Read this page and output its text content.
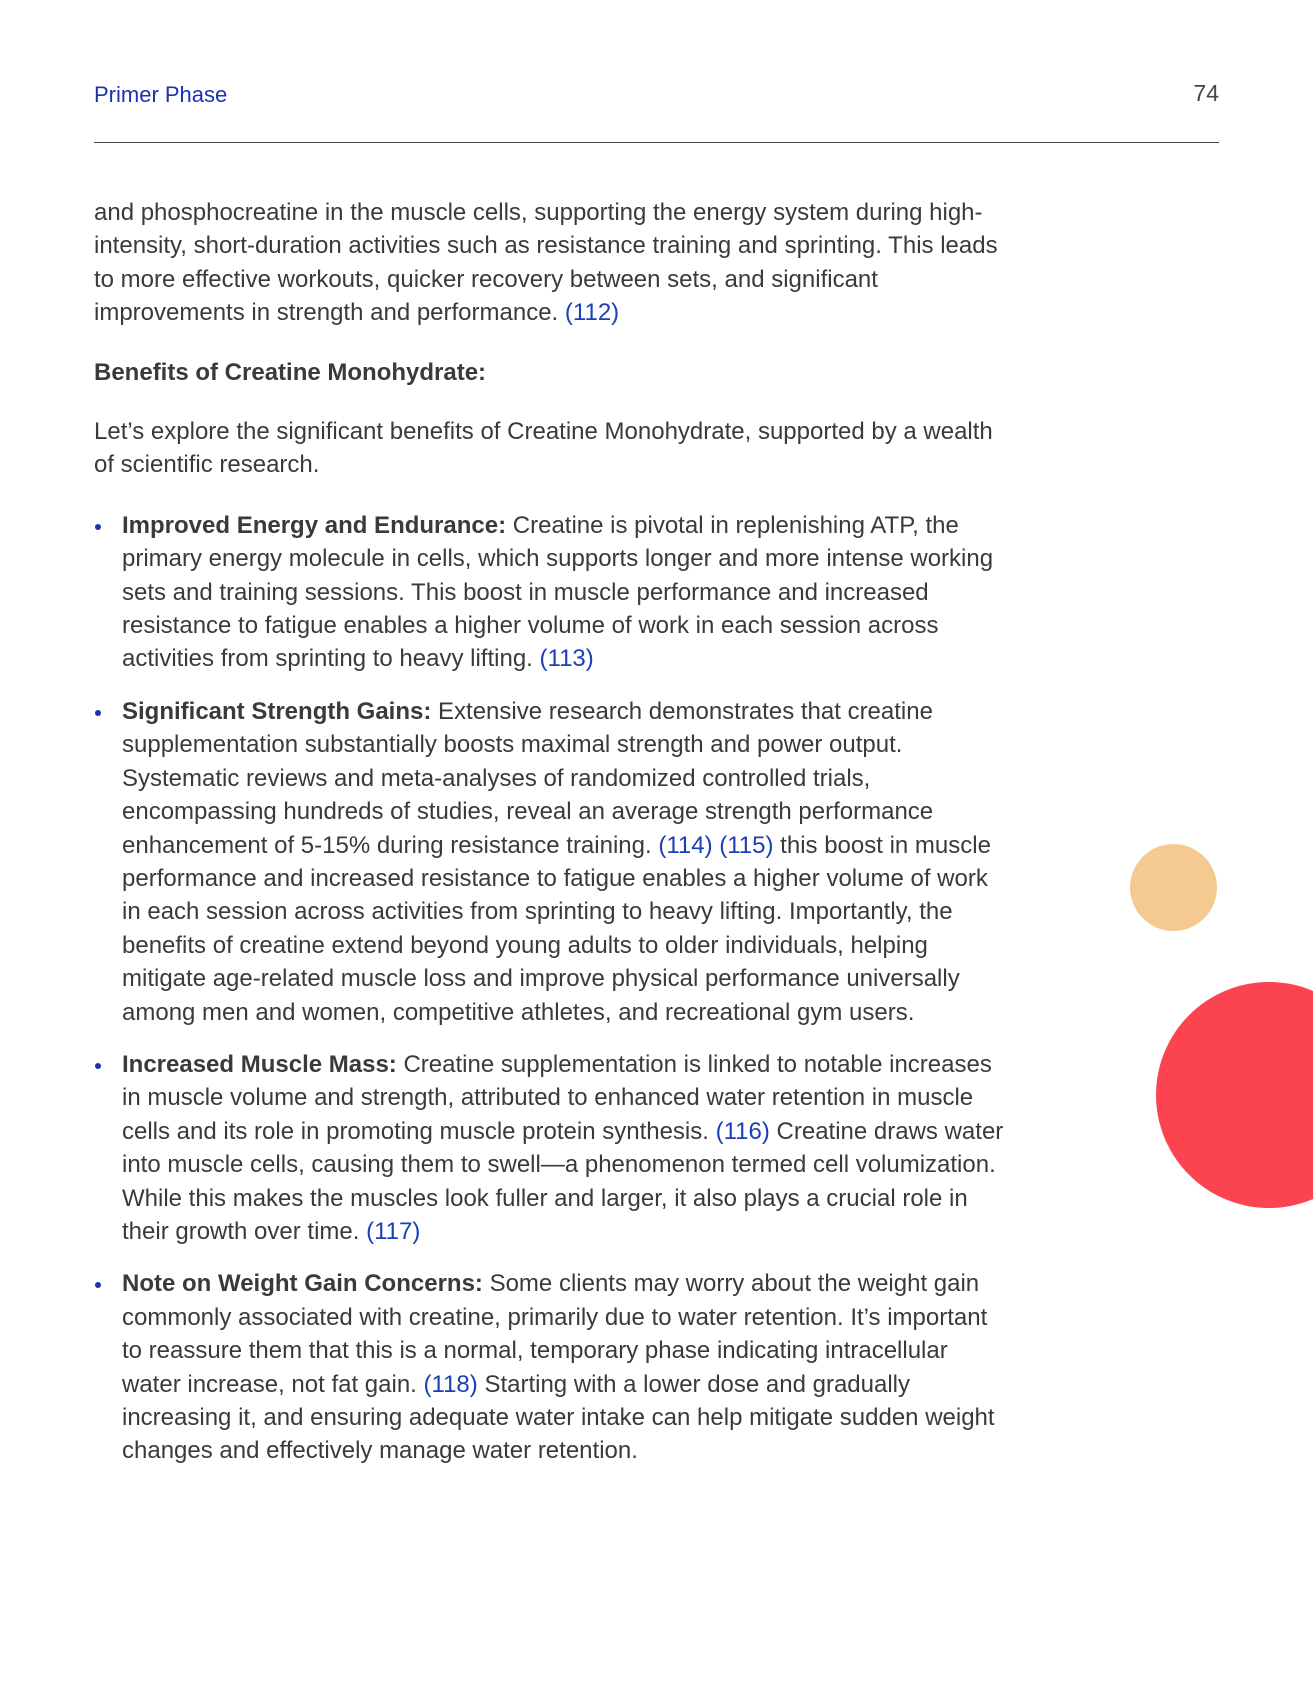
Primer Phase	74

and phosphocreatine in the muscle cells, supporting the energy system during high-intensity, short-duration activities such as resistance training and sprinting. This leads to more effective workouts, quicker recovery between sets, and significant improvements in strength and performance. (112)

Benefits of Creatine Monohydrate:

Let’s explore the significant benefits of Creatine Monohydrate, supported by a wealth of scientific research.

Improved Energy and Endurance: Creatine is pivotal in replenishing ATP, the primary energy molecule in cells, which supports longer and more intense working sets and training sessions. This boost in muscle performance and increased resistance to fatigue enables a higher volume of work in each session across activities from sprinting to heavy lifting. (113)
Significant Strength Gains: Extensive research demonstrates that creatine supplementation substantially boosts maximal strength and power output. Systematic reviews and meta-analyses of randomized controlled trials, encompassing hundreds of studies, reveal an average strength performance enhancement of 5-15% during resistance training. (114) (115) this boost in muscle performance and increased resistance to fatigue enables a higher volume of work in each session across activities from sprinting to heavy lifting. Importantly, the benefits of creatine extend beyond young adults to older individuals, helping mitigate age-related muscle loss and improve physical performance universally among men and women, competitive athletes, and recreational gym users.
Increased Muscle Mass: Creatine supplementation is linked to notable increases in muscle volume and strength, attributed to enhanced water retention in muscle cells and its role in promoting muscle protein synthesis. (116) Creatine draws water into muscle cells, causing them to swell—a phenomenon termed cell volumization. While this makes the muscles look fuller and larger, it also plays a crucial role in their growth over time. (117)
Note on Weight Gain Concerns: Some clients may worry about the weight gain commonly associated with creatine, primarily due to water retention. It’s important to reassure them that this is a normal, temporary phase indicating intracellular water increase, not fat gain. (118) Starting with a lower dose and gradually increasing it, and ensuring adequate water intake can help mitigate sudden weight changes and effectively manage water retention.
